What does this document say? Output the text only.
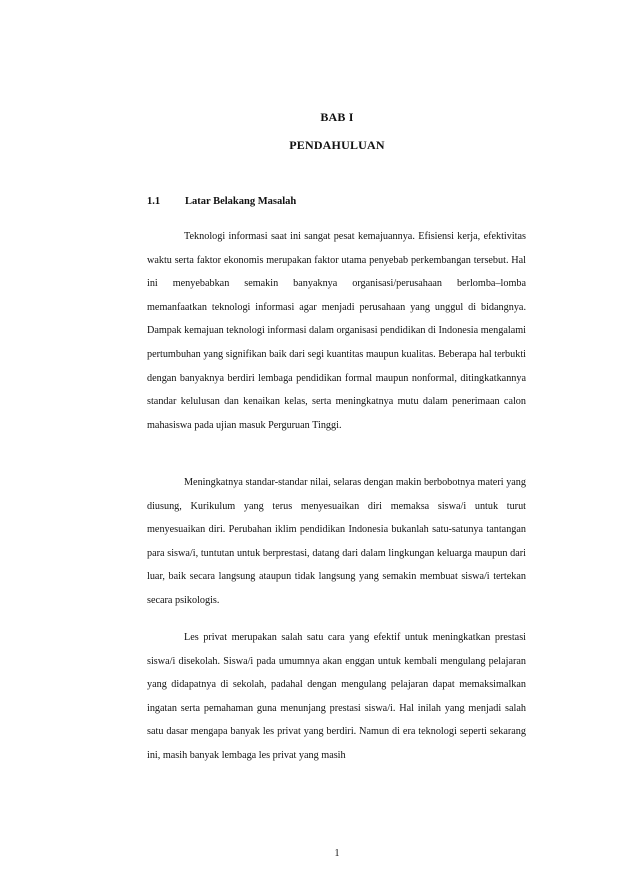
BAB I
PENDAHULUAN
1.1 Latar Belakang Masalah

Teknologi informasi saat ini sangat pesat kemajuannya. Efisiensi kerja, efektivitas waktu serta faktor ekonomis merupakan faktor utama penyebab perkembangan tersebut. Hal ini menyebabkan semakin banyaknya organisasi/perusahaan berlomba–lomba memanfaatkan teknologi informasi agar menjadi perusahaan yang unggul di bidangnya. Dampak kemajuan teknologi informasi dalam organisasi pendidikan di Indonesia mengalami pertumbuhan yang signifikan baik dari segi kuantitas maupun kualitas. Beberapa hal terbukti dengan banyaknya berdiri lembaga pendidikan formal maupun nonformal, ditingkatkannya standar kelulusan dan kenaikan kelas, serta meningkatnya mutu dalam penerimaan calon mahasiswa pada ujian masuk Perguruan Tinggi.

Meningkatnya standar-standar nilai, selaras dengan makin berbobotnya materi yang diusung, Kurikulum yang terus menyesuaikan diri memaksa siswa/i untuk turut menyesuaikan diri. Perubahan iklim pendidikan Indonesia bukanlah satu-satunya tantangan para siswa/i, tuntutan untuk berprestasi, datang dari dalam lingkungan keluarga maupun dari luar, baik secara langsung ataupun tidak langsung yang semakin membuat siswa/i tertekan secara psikologis.

Les privat merupakan salah satu cara yang efektif untuk meningkatkan prestasi siswa/i disekolah. Siswa/i pada umumnya akan enggan untuk kembali mengulang pelajaran yang didapatnya di sekolah, padahal dengan mengulang pelajaran dapat memaksimalkan ingatan serta pemahaman guna menunjang prestasi siswa/i. Hal inilah yang menjadi salah satu dasar mengapa banyak les privat yang berdiri. Namun di era teknologi seperti sekarang ini, masih banyak lembaga les privat yang masih

1
